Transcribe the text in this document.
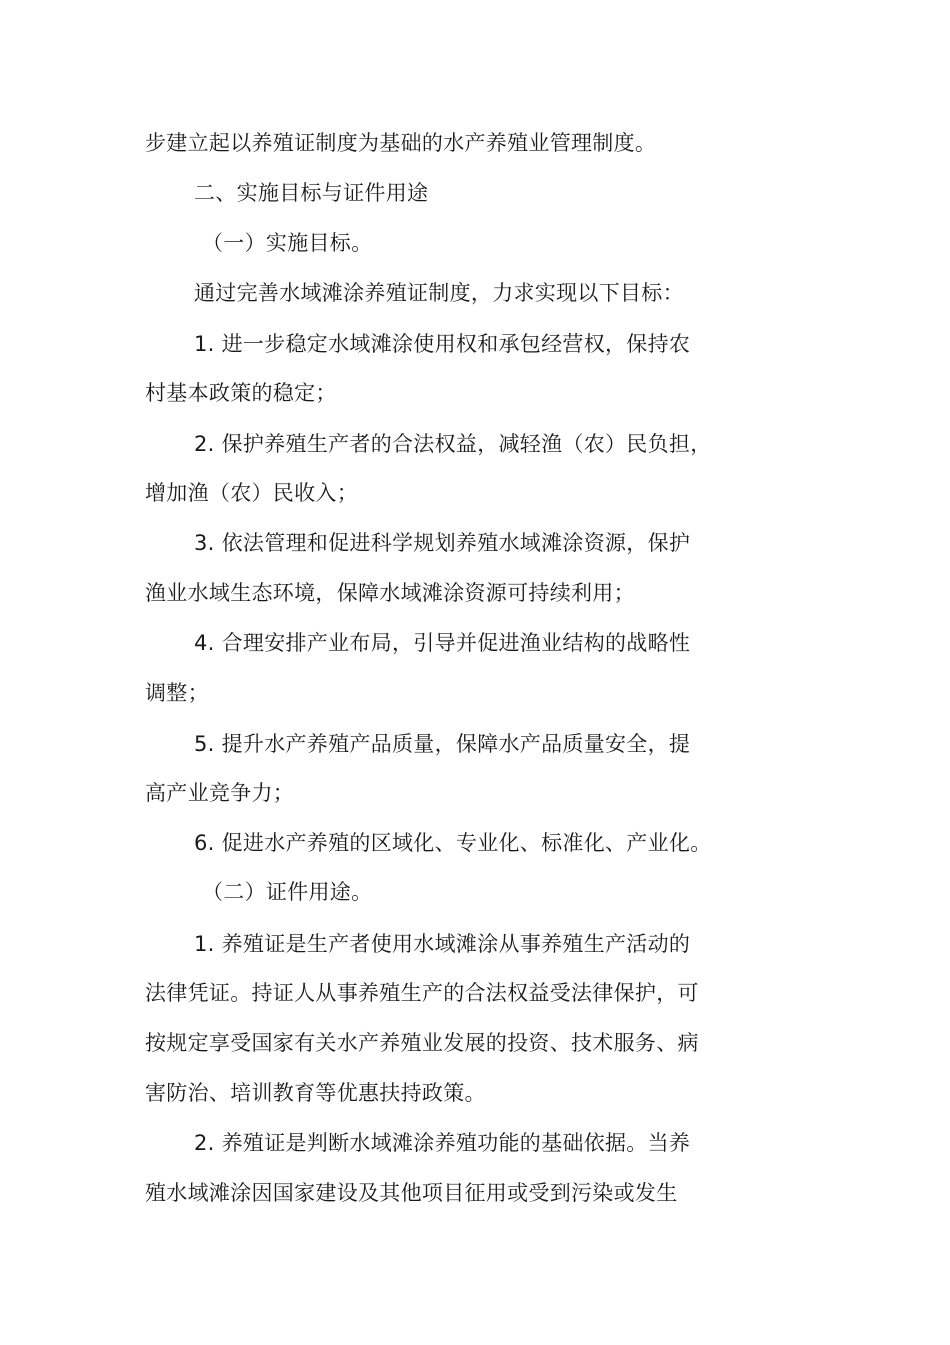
步建立起以养殖证制度为基础的水产养殖业管理制度。
二、实施目标与证件用途
（一）实施目标。
通过完善水域滩涂养殖证制度，力求实现以下目标：
1. 进一步稳定水域滩涂使用权和承包经营权，保持农
村基本政策的稳定；
2. 保护养殖生产者的合法权益，减轻渔（农）民负担，
增加渔（农）民收入；
3. 依法管理和促进科学规划养殖水域滩涂资源，保护
渔业水域生态环境，保障水域滩涂资源可持续利用；
4. 合理安排产业布局，引导并促进渔业结构的战略性
调整；
5. 提升水产养殖产品质量，保障水产品质量安全，提
高产业竞争力；
6. 促进水产养殖的区域化、专业化、标准化、产业化。
（二）证件用途。
1. 养殖证是生产者使用水域滩涂从事养殖生产活动的
法律凭证。持证人从事养殖生产的合法权益受法律保护，可
按规定享受国家有关水产养殖业发展的投资、技术服务、病
害防治、培训教育等优惠扶持政策。
2. 养殖证是判断水域滩涂养殖功能的基础依据。当养
殖水域滩涂因国家建设及其他项目征用或受到污染或发生
